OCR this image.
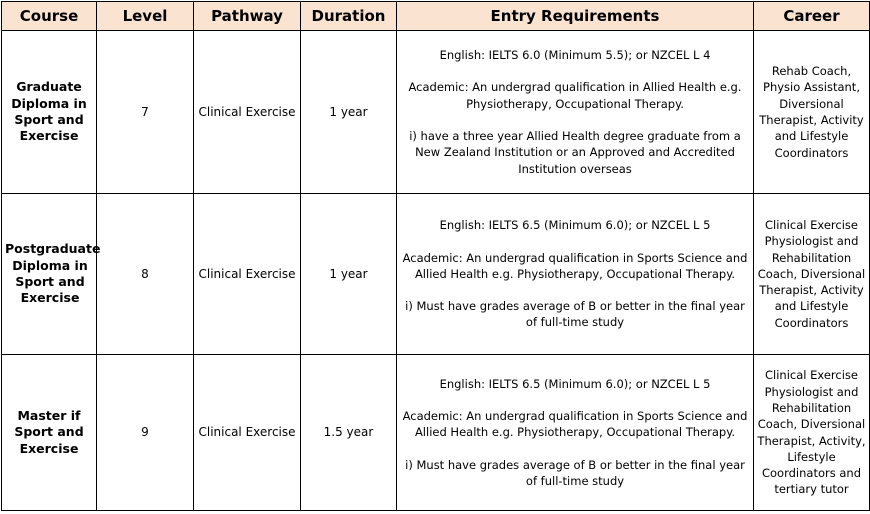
Course	Level	Pathway	Duration	Entry Requirements	Career

Graduate Diploma in Sport and Exercise	7	Clinical Exercise	1 year	English: IELTS 6.0 (Minimum 5.5); or NZCEL L 4

Academic: An undergrad qualification in Allied Health e.g. Physiotherapy, Occupational Therapy.

i) have a three year Allied Health degree graduate from a New Zealand Institution or an Approved and Accredited Institution overseas	Rehab Coach, Physio Assistant, Diversional Therapist, Activity and Lifestyle Coordinators

Postgraduate Diploma in Sport and Exercise	8	Clinical Exercise	1 year	English: IELTS 6.5 (Minimum 6.0); or NZCEL L 5

Academic: An undergrad qualification in Sports Science and Allied Health e.g. Physiotherapy, Occupational Therapy.

i) Must have grades average of B or better in the final year of full-time study	Clinical Exercise Physiologist and Rehabilitation Coach, Diversional Therapist, Activity and Lifestyle Coordinators

Master if Sport and Exercise	9	Clinical Exercise	1.5 year	English: IELTS 6.5 (Minimum 6.0); or NZCEL L 5

Academic: An undergrad qualification in Sports Science and Allied Health e.g. Physiotherapy, Occupational Therapy.

i) Must have grades average of B or better in the final year of full-time study	Clinical Exercise Physiologist and Rehabilitation Coach, Diversional Therapist, Activity, Lifestyle Coordinators and tertiary tutor
